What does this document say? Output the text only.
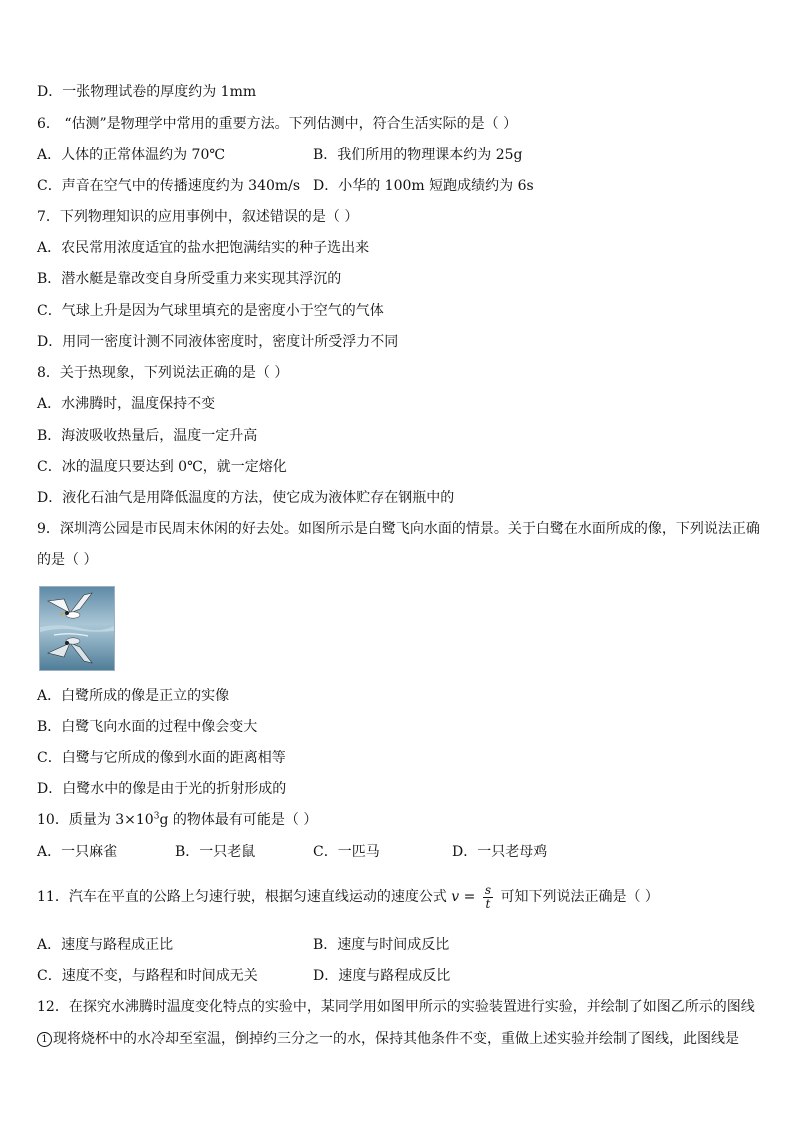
D．一张物理试卷的厚度约为 1mm
6． “估测”是物理学中常用的重要方法。下列估测中，符合生活实际的是（ ）
A．人体的正常体温约为 70℃	B．我们所用的物理课本约为 25g
C．声音在空气中的传播速度约为 340m/s D．小华的 100m 短跑成绩约为 6s
7．下列物理知识的应用事例中，叙述错误的是（ ）
A．农民常用浓度适宜的盐水把饱满结实的种子选出来
B．潜水艇是靠改变自身所受重力来实现其浮沉的
C．气球上升是因为气球里填充的是密度小于空气的气体
D．用同一密度计测不同液体密度时，密度计所受浮力不同
8．关于热现象，下列说法正确的是（ ）
A．水沸腾时，温度保持不变
B．海波吸收热量后，温度一定升高
C．冰的温度只要达到 0℃，就一定熔化
D．液化石油气是用降低温度的方法，使它成为液体贮存在钢瓶中的
9．深圳湾公园是市民周末休闲的好去处。如图所示是白鹭飞向水面的情景。关于白鹭在水面所成的像，下列说法正确
的是（ ）
A．白鹭所成的像是正立的实像
B．白鹭飞向水面的过程中像会变大
C．白鹭与它所成的像到水面的距离相等
D．白鹭水中的像是由于光的折射形成的
10．质量为 $3\times 10^3g$ 的物体最有可能是（ ）
A．一只麻雀	B．一只老鼠	C．一匹马	D．一只老母鸡
11．汽车在平直的公路上匀速行驶，根据匀速直线运动的速度公式 $v = \frac{s}{t}$ 可知下列说法正确是（ ）
A．速度与路程成正比	B．速度与时间成反比
C．速度不变，与路程和时间成无关	D．速度与路程成反比
12．在探究水沸腾时温度变化特点的实验中，某同学用如图甲所示的实验装置进行实验，并绘制了如图乙所示的图线
1 现将烧杯中的水冷却至室温，倒掉约三分之一的水，保持其他条件不变，重做上述实验并绘制了图线，此图线是
